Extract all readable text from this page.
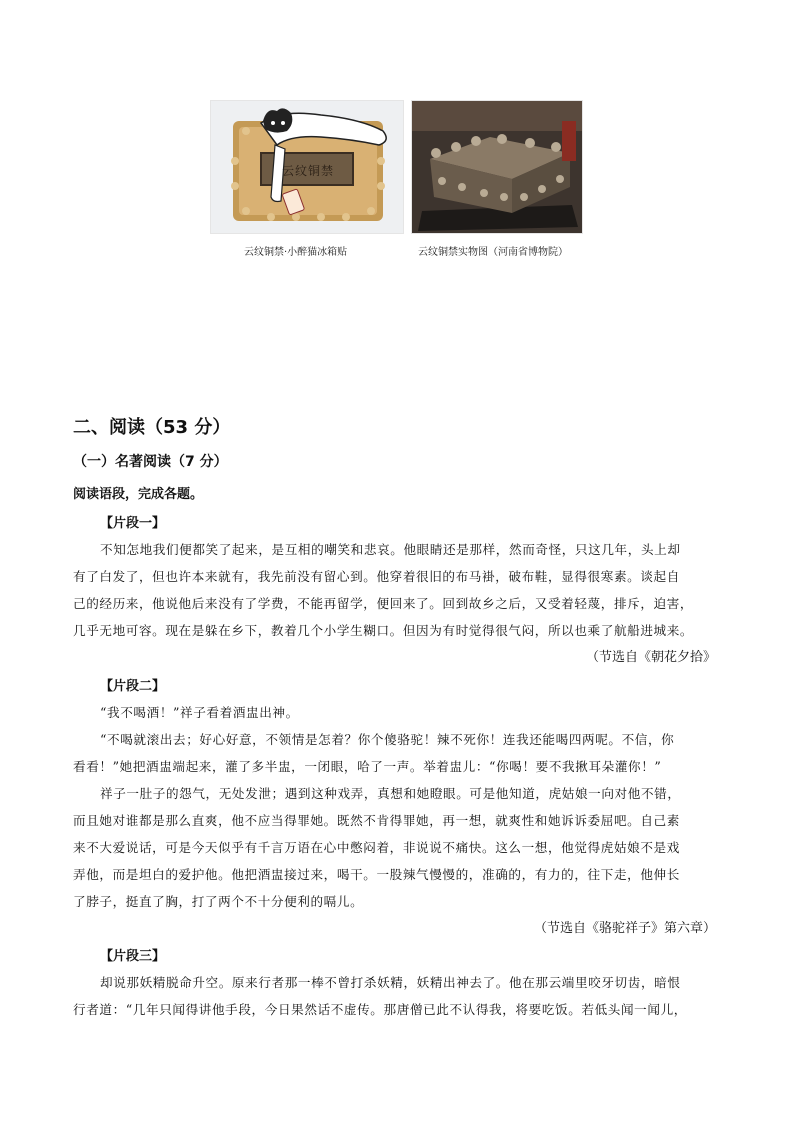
云纹铜禁
云纹铜禁·小醉猫冰箱贴	云纹铜禁实物图（河南省博物院）
二、阅读（53 分）
（一）名著阅读（7 分）
阅读语段，完成各题。
【片段一】
不知怎地我们便都笑了起来，是互相的嘲笑和悲哀。他眼睛还是那样，然而奇怪，只这几年，头上却
有了白发了，但也许本来就有，我先前没有留心到。他穿着很旧的布马褂，破布鞋，显得很寒素。谈起自
己的经历来，他说他后来没有了学费，不能再留学，便回来了。回到故乡之后，又受着轻蔑，排斥，迫害，
几乎无地可容。现在是躲在乡下，教着几个小学生糊口。但因为有时觉得很气闷，所以也乘了航船进城来。
（节选自《朝花夕拾》
【片段二】
“我不喝酒！”祥子看着酒盅出神。
“不喝就滚出去；好心好意，不领情是怎着？你个傻骆驼！辣不死你！连我还能喝四两呢。不信，你
看看！”她把酒盅端起来，灌了多半盅，一闭眼，哈了一声。举着盅儿：“你喝！要不我揪耳朵灌你！”
祥子一肚子的怨气，无处发泄；遇到这种戏弄，真想和她瞪眼。可是他知道，虎姑娘一向对他不错，
而且她对谁都是那么直爽，他不应当得罪她。既然不肯得罪她，再一想，就爽性和她诉诉委屈吧。自己素
来不大爱说话，可是今天似乎有千言万语在心中憋闷着，非说说不痛快。这么一想，他觉得虎姑娘不是戏
弄他，而是坦白的爱护他。他把酒盅接过来，喝干。一股辣气慢慢的，准确的，有力的，往下走，他伸长
了脖子，挺直了胸，打了两个不十分便利的嗝儿。
（节选自《骆驼祥子》第六章）
【片段三】
却说那妖精脱命升空。原来行者那一棒不曾打杀妖精，妖精出神去了。他在那云端里咬牙切齿，暗恨
行者道：“几年只闻得讲他手段，今日果然话不虚传。那唐僧已此不认得我，将要吃饭。若低头闻一闻儿，
